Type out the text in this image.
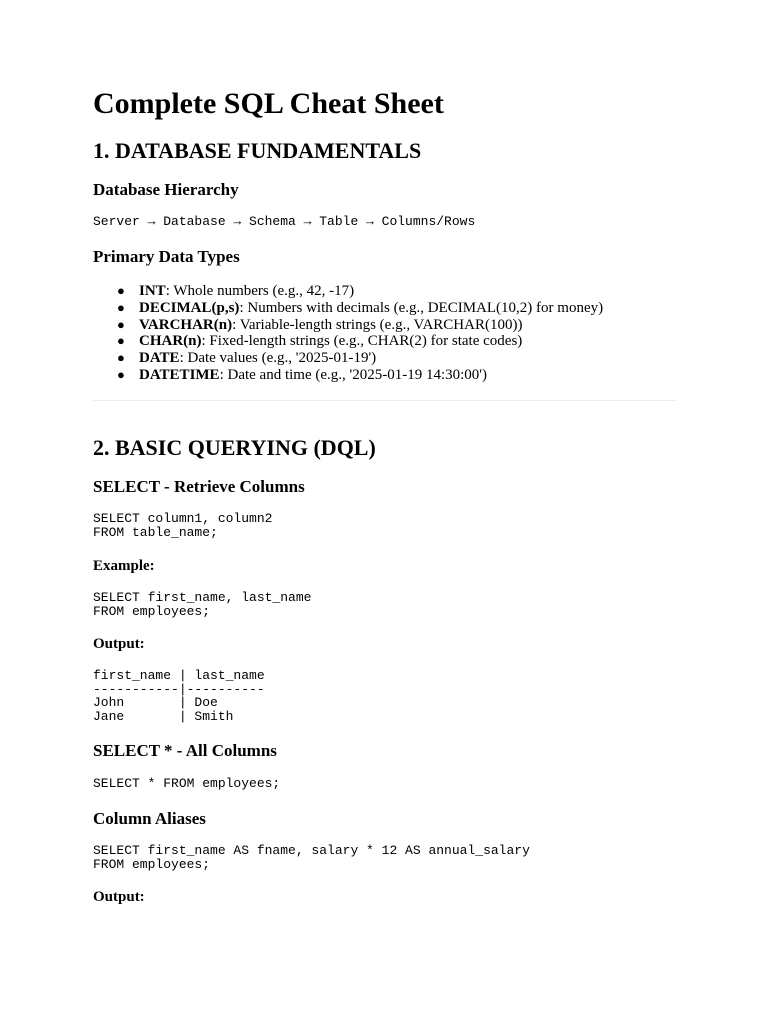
Complete SQL Cheat Sheet
1. DATABASE FUNDAMENTALS
Database Hierarchy
Server → Database → Schema → Table → Columns/Rows
Primary Data Types
● INT: Whole numbers (e.g., 42, -17)
● DECIMAL(p,s): Numbers with decimals (e.g., DECIMAL(10,2) for money)
● VARCHAR(n): Variable-length strings (e.g., VARCHAR(100))
● CHAR(n): Fixed-length strings (e.g., CHAR(2) for state codes)
● DATE: Date values (e.g., '2025-01-19')
● DATETIME: Date and time (e.g., '2025-01-19 14:30:00')
2. BASIC QUERYING (DQL)
SELECT - Retrieve Columns
SELECT column1, column2
FROM table_name;
Example:
SELECT first_name, last_name
FROM employees;
Output:
first_name | last_name
-----------|----------
John       | Doe
Jane       | Smith
SELECT * - All Columns
SELECT * FROM employees;
Column Aliases
SELECT first_name AS fname, salary * 12 AS annual_salary
FROM employees;
Output:
